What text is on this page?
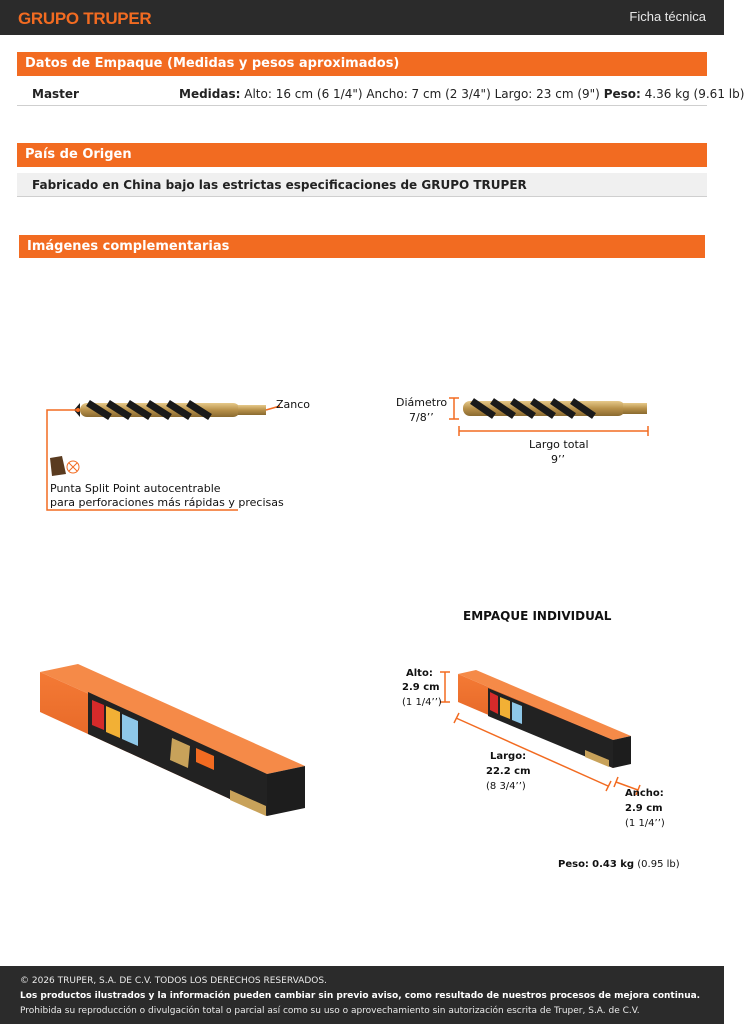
GRUPO TRUPER	Ficha técnica
Datos de Empaque (Medidas y pesos aproximados)
Master	Medidas: Alto: 16 cm (6 1/4") Ancho: 7 cm (2 3/4") Largo: 23 cm (9") Peso: 4.36 kg (9.61 lb)
País de Origen
Fabricado en China bajo las estrictas especificaciones de GRUPO TRUPER
Imágenes complementarias
Zanco
Punta Split Point autocentrable
para perforaciones más rápidas y precisas
Diámetro
7/8’’
Largo total
9’’
EMPAQUE INDIVIDUAL
Alto:
2.9 cm
(1 1/4’’)
Largo:
22.2 cm
(8 3/4’’)
Ancho:
2.9 cm
(1 1/4’’)
Peso: 0.43 kg (0.95 lb)
© 2026 TRUPER, S.A. DE C.V. TODOS LOS DERECHOS RESERVADOS.
Los productos ilustrados y la información pueden cambiar sin previo aviso, como resultado de nuestros procesos de mejora continua.
Prohibida su reproducción o divulgación total o parcial así como su uso o aprovechamiento sin autorización escrita de Truper, S.A. de C.V.
